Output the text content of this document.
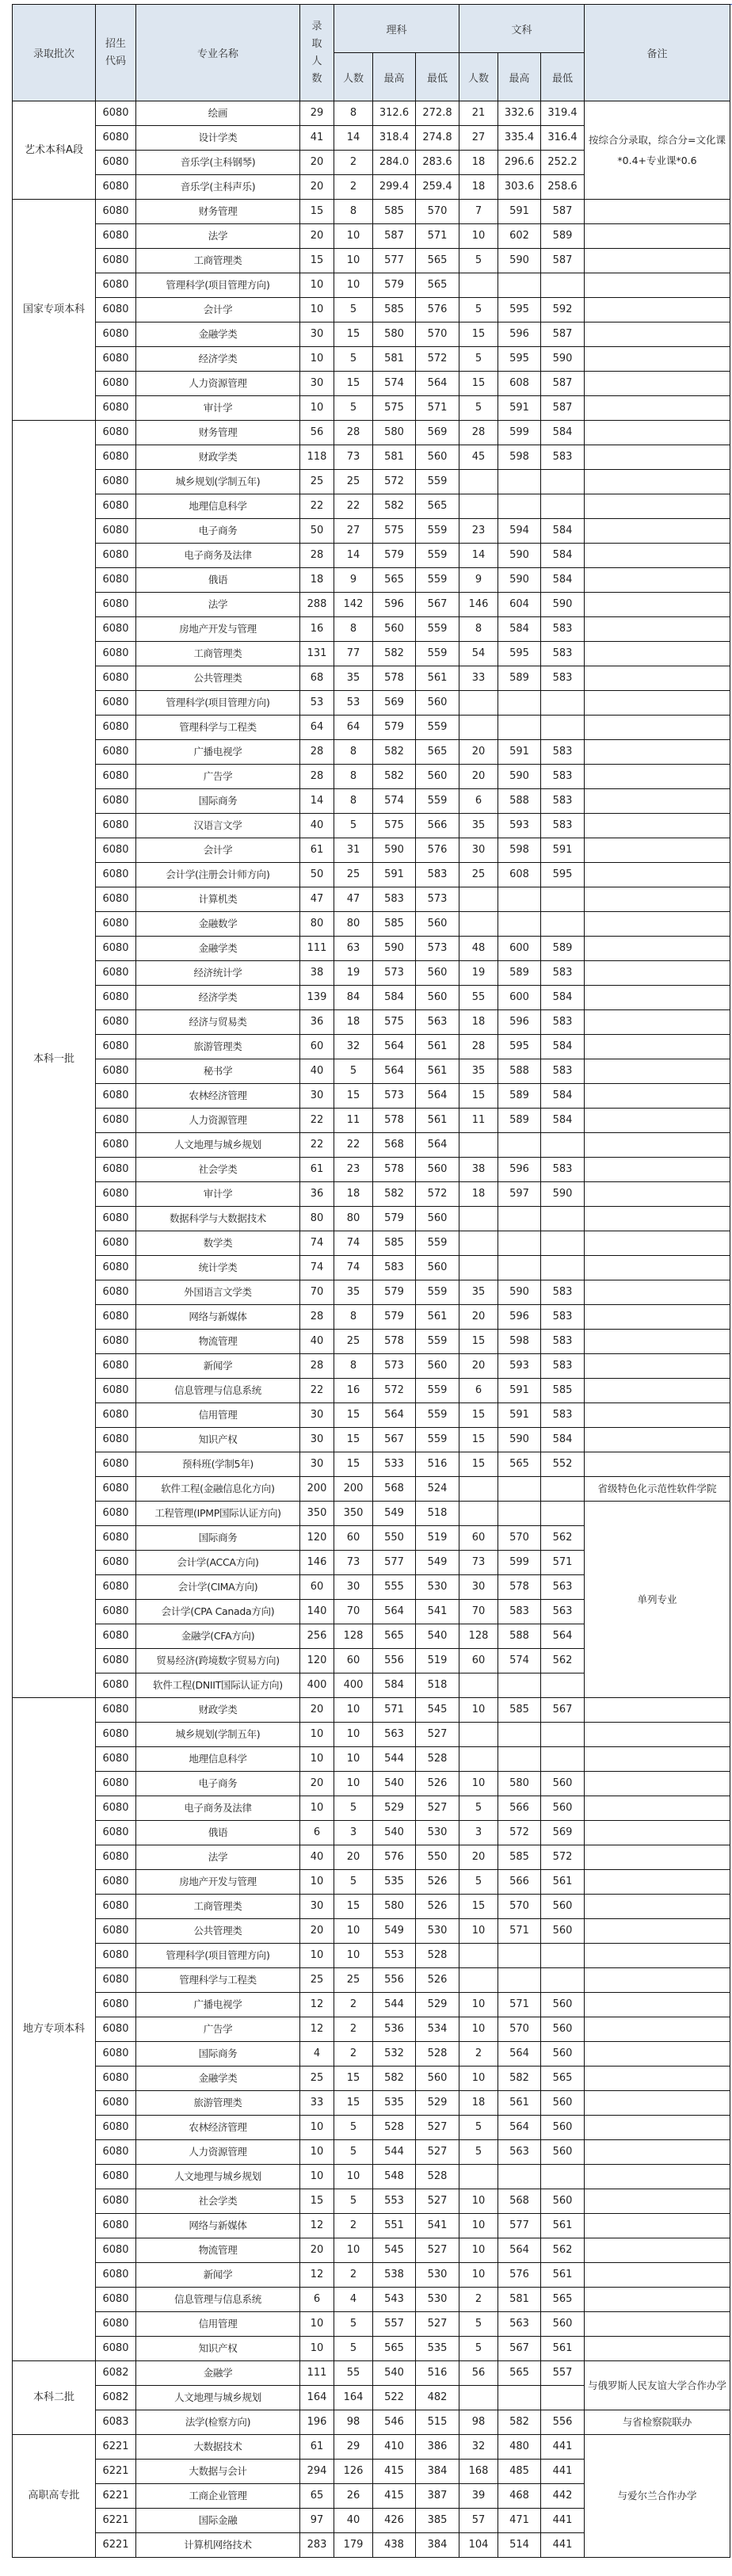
录取批次	招生代码	专业名称	录取人数	理科			文科			备注
				人数	最高	最低	人数	最高	最低	
艺术本科A段	6080	绘画	29	8	312.6	272.8	21	332.6	319.4	按综合分录取，综合分=文化课*0.4+专业课*0.6
	6080	设计学类	41	14	318.4	274.8	27	335.4	316.4	
	6080	音乐学(主科钢琴)	20	2	284.0	283.6	18	296.6	252.2	
	6080	音乐学(主科声乐)	20	2	299.4	259.4	18	303.6	258.6	
国家专项本科	6080	财务管理	15	8	585	570	7	591	587	
	6080	法学	20	10	587	571	10	602	589	
	6080	工商管理类	15	10	577	565	5	590	587	
	6080	管理科学(项目管理方向)	10	10	579	565				
	6080	会计学	10	5	585	576	5	595	592	
	6080	金融学类	30	15	580	570	15	596	587	
	6080	经济学类	10	5	581	572	5	595	590	
	6080	人力资源管理	30	15	574	564	15	608	587	
	6080	审计学	10	5	575	571	5	591	587	
本科一批	6080	财务管理	56	28	580	569	28	599	584	
	6080	财政学类	118	73	581	560	45	598	583	
	6080	城乡规划(学制五年)	25	25	572	559				
	6080	地理信息科学	22	22	582	565				
	6080	电子商务	50	27	575	559	23	594	584	
	6080	电子商务及法律	28	14	579	559	14	590	584	
	6080	俄语	18	9	565	559	9	590	584	
	6080	法学	288	142	596	567	146	604	590	
	6080	房地产开发与管理	16	8	560	559	8	584	583	
	6080	工商管理类	131	77	582	559	54	595	583	
	6080	公共管理类	68	35	578	561	33	589	583	
	6080	管理科学(项目管理方向)	53	53	569	560				
	6080	管理科学与工程类	64	64	579	559				
	6080	广播电视学	28	8	582	565	20	591	583	
	6080	广告学	28	8	582	560	20	590	583	
	6080	国际商务	14	8	574	559	6	588	583	
	6080	汉语言文学	40	5	575	566	35	593	583	
	6080	会计学	61	31	590	576	30	598	591	
	6080	会计学(注册会计师方向)	50	25	591	583	25	608	595	
	6080	计算机类	47	47	583	573				
	6080	金融数学	80	80	585	560				
	6080	金融学类	111	63	590	573	48	600	589	
	6080	经济统计学	38	19	573	560	19	589	583	
	6080	经济学类	139	84	584	560	55	600	584	
	6080	经济与贸易类	36	18	575	563	18	596	583	
	6080	旅游管理类	60	32	564	561	28	595	584	
	6080	秘书学	40	5	564	561	35	588	583	
	6080	农林经济管理	30	15	573	564	15	589	584	
	6080	人力资源管理	22	11	578	561	11	589	584	
	6080	人文地理与城乡规划	22	22	568	564				
	6080	社会学类	61	23	578	560	38	596	583	
	6080	审计学	36	18	582	572	18	597	590	
	6080	数据科学与大数据技术	80	80	579	560				
	6080	数学类	74	74	585	559				
	6080	统计学类	74	74	583	560				
	6080	外国语言文学类	70	35	579	559	35	590	583	
	6080	网络与新媒体	28	8	579	561	20	596	583	
	6080	物流管理	40	25	578	559	15	598	583	
	6080	新闻学	28	8	573	560	20	593	583	
	6080	信息管理与信息系统	22	16	572	559	6	591	585	
	6080	信用管理	30	15	564	559	15	591	583	
	6080	知识产权	30	15	567	559	15	590	584	
	6080	预科班(学制5年)	30	15	533	516	15	565	552	
	6080	软件工程(金融信息化方向)	200	200	568	524				省级特色化示范性软件学院
	6080	工程管理(IPMP国际认证方向)	350	350	549	518				单列专业
	6080	国际商务	120	60	550	519	60	570	562	
	6080	会计学(ACCA方向)	146	73	577	549	73	599	571	
	6080	会计学(CIMA方向)	60	30	555	530	30	578	563	
	6080	会计学(CPA Canada方向)	140	70	564	541	70	583	563	
	6080	金融学(CFA方向)	256	128	565	540	128	588	564	
	6080	贸易经济(跨境数字贸易方向)	120	60	556	519	60	574	562	
	6080	软件工程(DNIIT国际认证方向)	400	400	584	518				
地方专项本科	6080	财政学类	20	10	571	545	10	585	567	
	6080	城乡规划(学制五年)	10	10	563	527				
	6080	地理信息科学	10	10	544	528				
	6080	电子商务	20	10	540	526	10	580	560	
	6080	电子商务及法律	10	5	529	527	5	566	560	
	6080	俄语	6	3	540	530	3	572	569	
	6080	法学	40	20	576	550	20	585	572	
	6080	房地产开发与管理	10	5	535	526	5	566	561	
	6080	工商管理类	30	15	580	526	15	570	560	
	6080	公共管理类	20	10	549	530	10	571	560	
	6080	管理科学(项目管理方向)	10	10	553	528				
	6080	管理科学与工程类	25	25	556	526				
	6080	广播电视学	12	2	544	529	10	571	560	
	6080	广告学	12	2	536	534	10	570	560	
	6080	国际商务	4	2	532	528	2	564	560	
	6080	金融学类	25	15	582	560	10	582	565	
	6080	旅游管理类	33	15	535	529	18	561	560	
	6080	农林经济管理	10	5	528	527	5	564	560	
	6080	人力资源管理	10	5	544	527	5	563	560	
	6080	人文地理与城乡规划	10	10	548	528				
	6080	社会学类	15	5	553	527	10	568	560	
	6080	网络与新媒体	12	2	551	541	10	577	561	
	6080	物流管理	20	10	545	527	10	564	562	
	6080	新闻学	12	2	538	530	10	576	561	
	6080	信息管理与信息系统	6	4	543	530	2	581	565	
	6080	信用管理	10	5	557	527	5	563	560	
	6080	知识产权	10	5	565	535	5	567	561	
本科二批	6082	金融学	111	55	540	516	56	565	557	与俄罗斯人民友谊大学合作办学
	6082	人文地理与城乡规划	164	164	522	482				
	6083	法学(检察方向)	196	98	546	515	98	582	556	与省检察院联办
高职高专批	6221	大数据技术	61	29	410	386	32	480	441	与爱尔兰合作办学
	6221	大数据与会计	294	126	415	384	168	485	441	
	6221	工商企业管理	65	26	415	387	39	468	442	
	6221	国际金融	97	40	426	385	57	471	441	
	6221	计算机网络技术	283	179	438	384	104	514	441	
